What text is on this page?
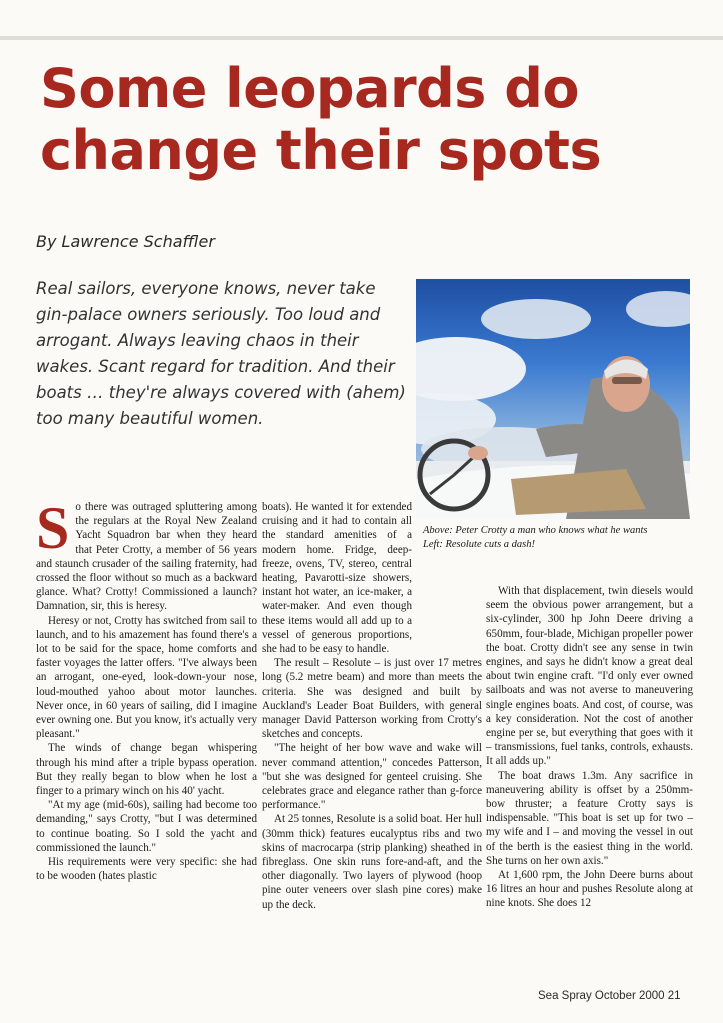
Some leopards do
change their spots
By Lawrence Schaffler
Real sailors, everyone knows, never take gin-palace owners seriously. Too loud and arrogant. Always leaving chaos in their wakes. Scant regard for tradition. And their boats … they're always covered with (ahem) too many beautiful women.
Above: Peter Crotty a man who knows what he wants
Left: Resolute cuts a dash!
S o there was outraged spluttering among the regulars at the Royal New Zealand Yacht Squadron bar when they heard that Peter Crotty, a member of 56 years and staunch crusader of the sailing fraternity, had crossed the floor without so much as a backward glance. What? Crotty! Commissioned a launch? Damnation, sir, this is heresy.

Heresy or not, Crotty has switched from sail to launch, and to his amazement has found there's a lot to be said for the space, home comforts and faster voyages the latter offers. "I've always been an arrogant, one-eyed, look-down-your nose, loud-mouthed yahoo about motor launches. Never once, in 60 years of sailing, did I imagine ever owning one. But you know, it's actually very pleasant."

The winds of change began whispering through his mind after a triple bypass operation. But they really began to blow when he lost a finger to a primary winch on his 40' yacht.

"At my age (mid-60s), sailing had become too demanding," says Crotty, "but I was determined to continue boating. So I sold the yacht and commissioned the launch."

His requirements were very specific: she had to be wooden (hates plastic

boats). He wanted it for extended cruising and it had to contain all the standard amenities of a modern home. Fridge, deep-freeze, ovens, TV, stereo, central heating, Pavarotti-size showers, instant hot water, an ice-maker, a water-maker. And even though these items would all add up to a vessel of generous proportions, she had to be easy to handle.

The result – Resolute – is just over 17 metres long (5.2 metre beam) and more than meets the criteria. She was designed and built by Auckland's Leader Boat Builders, with general manager David Patterson working from Crotty's sketches and concepts.

"The height of her bow wave and wake will never command attention," concedes Patterson, "but she was designed for genteel cruising. She celebrates grace and elegance rather than g-force performance."

At 25 tonnes, Resolute is a solid boat. Her hull (30mm thick) features eucalyptus ribs and two skins of macrocarpa (strip planking) sheathed in fibreglass. One skin runs fore-and-aft, and the other diagonally. Two layers of plywood (hoop pine outer veneers over slash pine cores) make up the deck.

With that displacement, twin diesels would seem the obvious power arrangement, but a six-cylinder, 300 hp John Deere driving a 650mm, four-blade, Michigan propeller power the boat. Crotty didn't see any sense in twin engines, and says he didn't know a great deal about twin engine craft. "I'd only ever owned sailboats and was not averse to maneuvering single engines boats. And cost, of course, was a key consideration. Not the cost of another engine per se, but everything that goes with it – transmissions, fuel tanks, controls, exhausts. It all adds up."

The boat draws 1.3m. Any sacrifice in maneuvering ability is offset by a 250mm-bow thruster; a feature Crotty says is indispensable. "This boat is set up for two – my wife and I – and moving the vessel in out of the berth is the easiest thing in the world. She turns on her own axis."

At 1,600 rpm, the John Deere burns about 16 litres an hour and pushes Resolute along at nine knots. She does 12

Sea Spray October 2000 21
